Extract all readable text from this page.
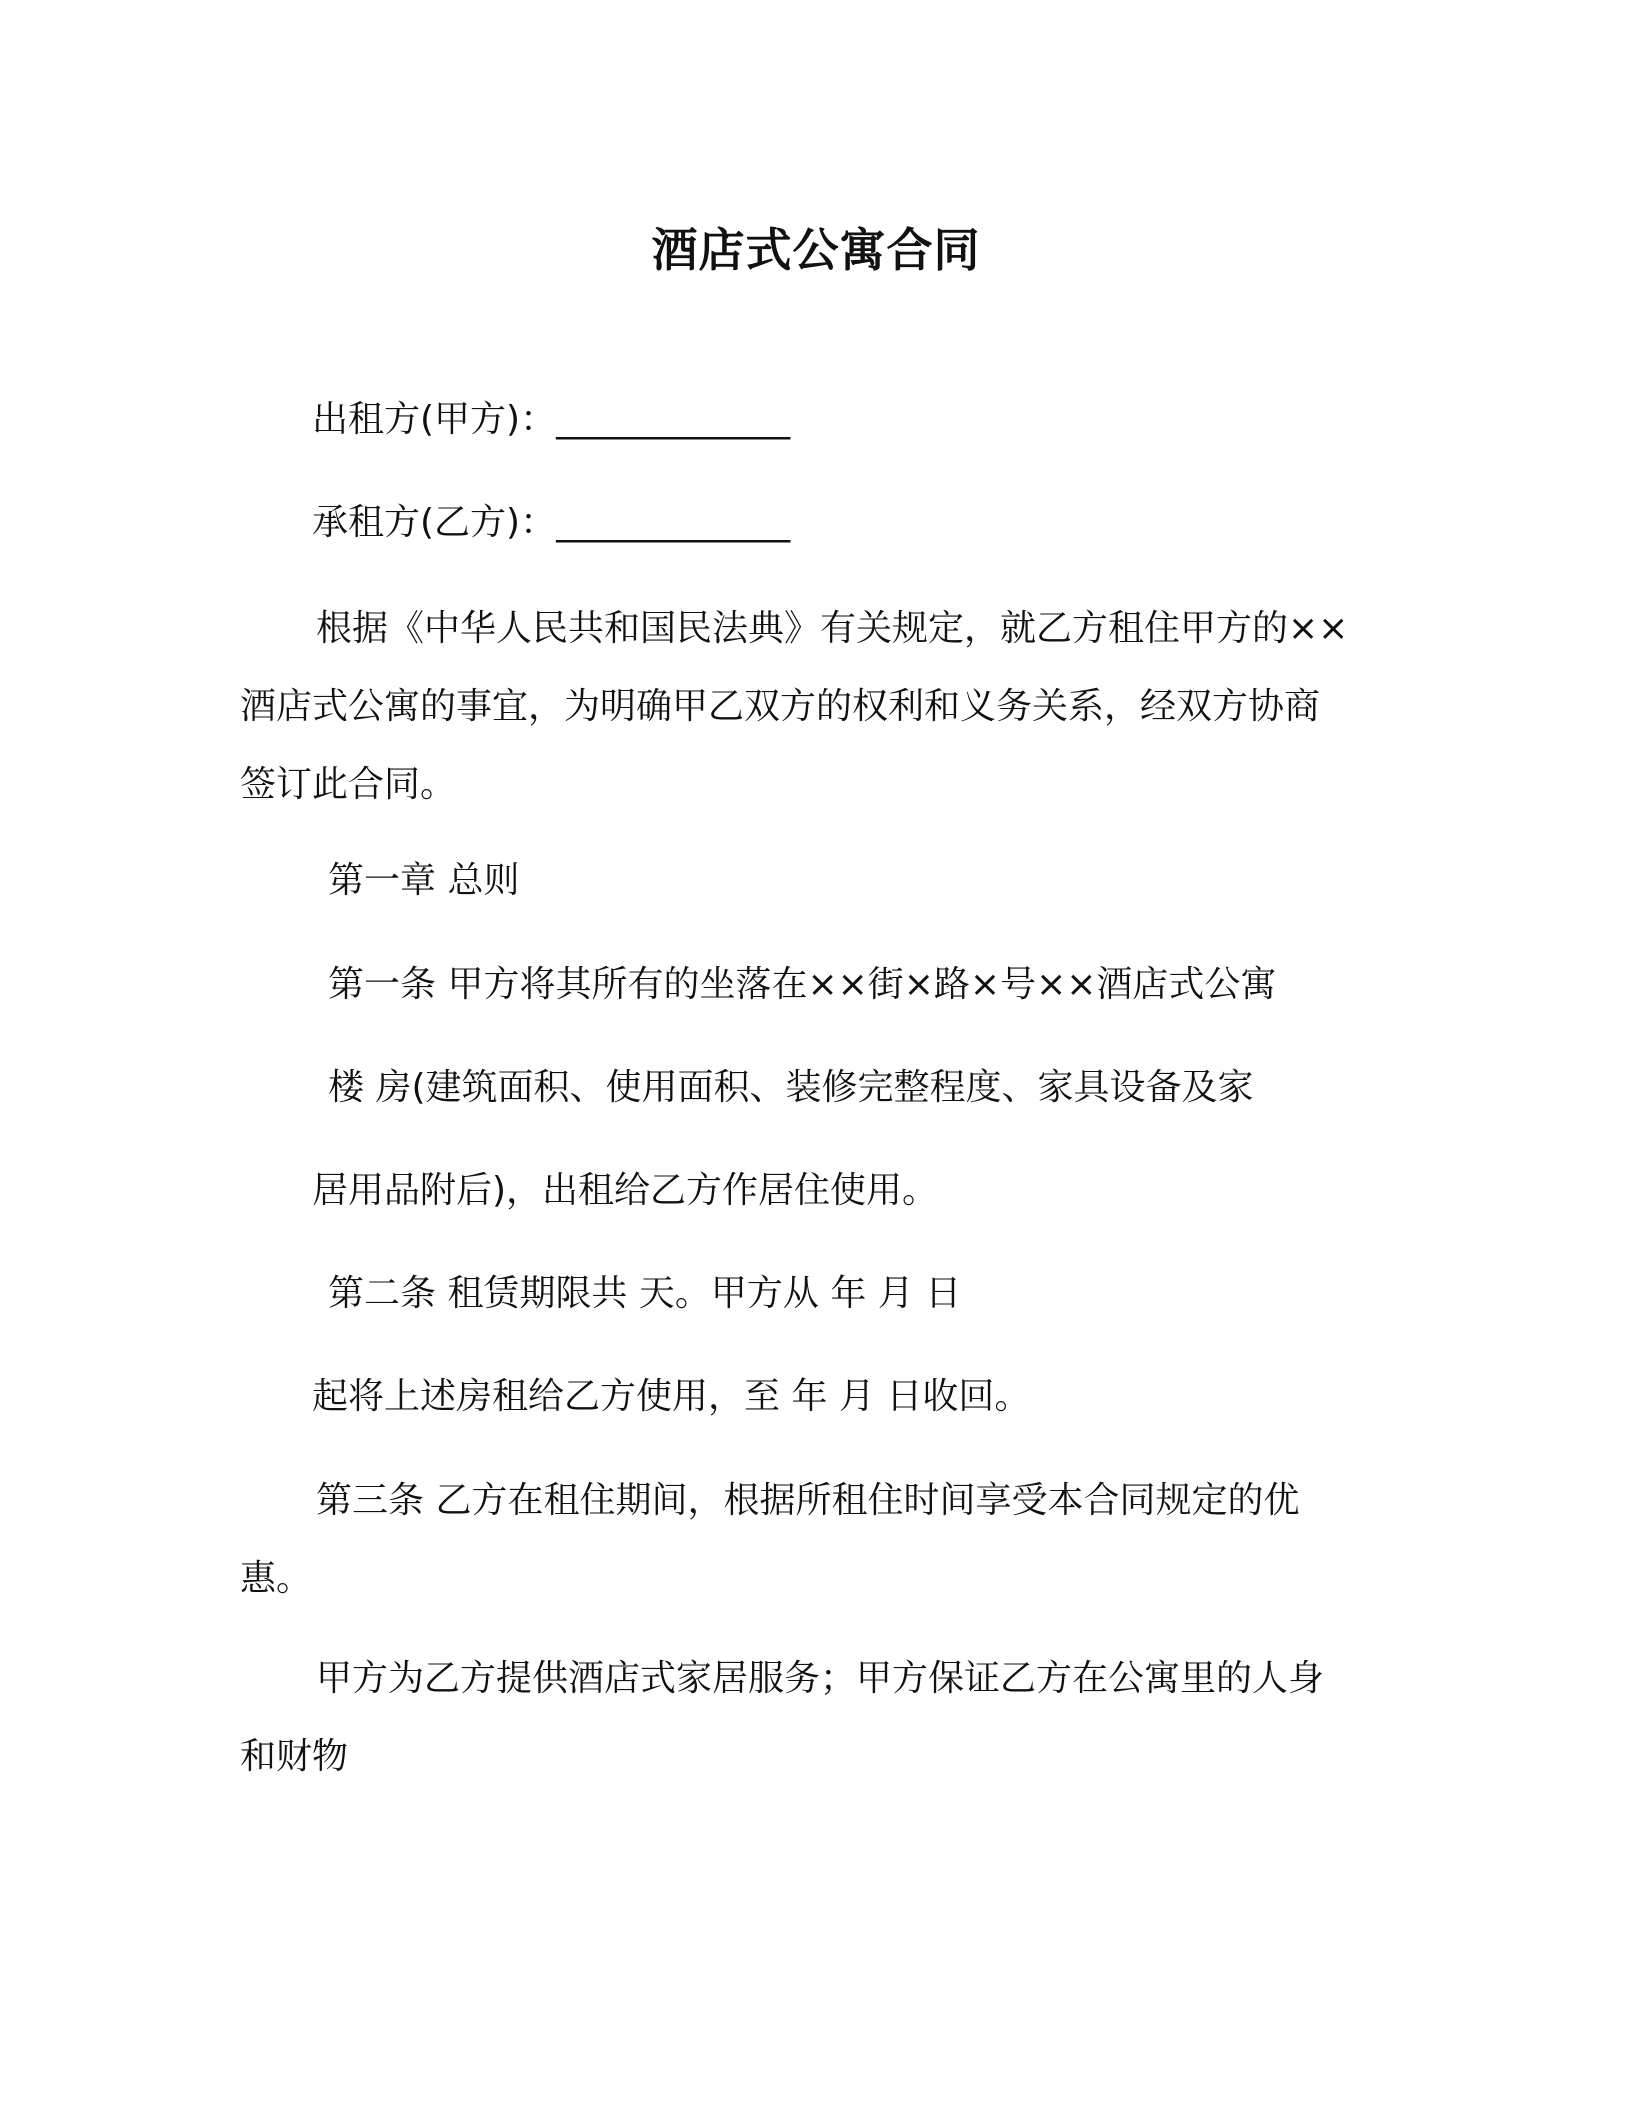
酒店式公寓合同
出租方(甲方)：_____________
承租方(乙方)：_____________
根据《中华人民共和国民法典》有关规定，就乙方租住甲方的××酒店式公寓的事宜，为明确甲乙双方的权利和义务关系，经双方协商签订此合同。
第一章 总则
第一条 甲方将其所有的坐落在××街×路×号××酒店式公寓
楼 房(建筑面积、使用面积、装修完整程度、家具设备及家
居用品附后)，出租给乙方作居住使用。
第二条 租赁期限共 天。甲方从 年 月 日
起将上述房租给乙方使用，至 年 月 日收回。
第三条 乙方在租住期间，根据所租住时间享受本合同规定的优惠。
甲方为乙方提供酒店式家居服务；甲方保证乙方在公寓里的人身和财物
